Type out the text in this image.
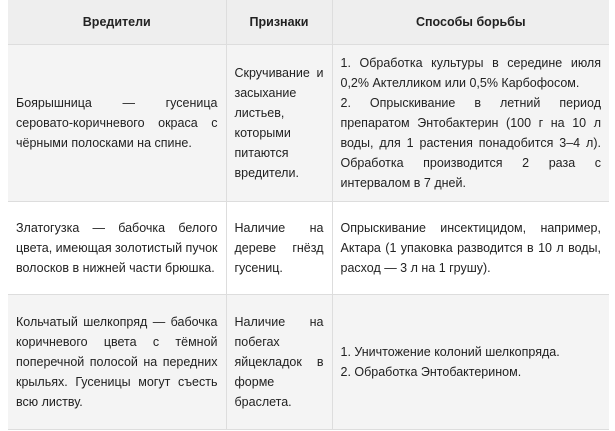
Вредители	Признаки	Способы борьбы
Боярышница — гусеница серовато-коричневого окраса с чёрными полосками на спине.	Скручивание и засыхание листьев, которыми питаются вредители.	1. Обработка культуры в середине июля 0,2% Актелликом или 0,5% Карбофосом.
2. Опрыскивание в летний период препаратом Энтобактерин (100 г на 10 л воды, для 1 растения понадобится 3–4 л). Обработка производится 2 раза с интервалом в 7 дней.

Златогузка — бабочка белого цвета, имеющая золотистый пучок волосков в нижней части брюшка.	Наличие на дереве гнёзд гусениц.	Опрыскивание инсектицидом, например, Актара (1 упаковка разводится в 10 л воды, расход — 3 л на 1 грушу).

Кольчатый шелкопряд — бабочка коричневого цвета с тёмной поперечной полосой на передних крыльях. Гусеницы могут съесть всю листву.	Наличие на побегах яйцекладок в форме браслета.	1. Уничтожение колоний шелкопряда.
2. Обработка Энтобактерином.
